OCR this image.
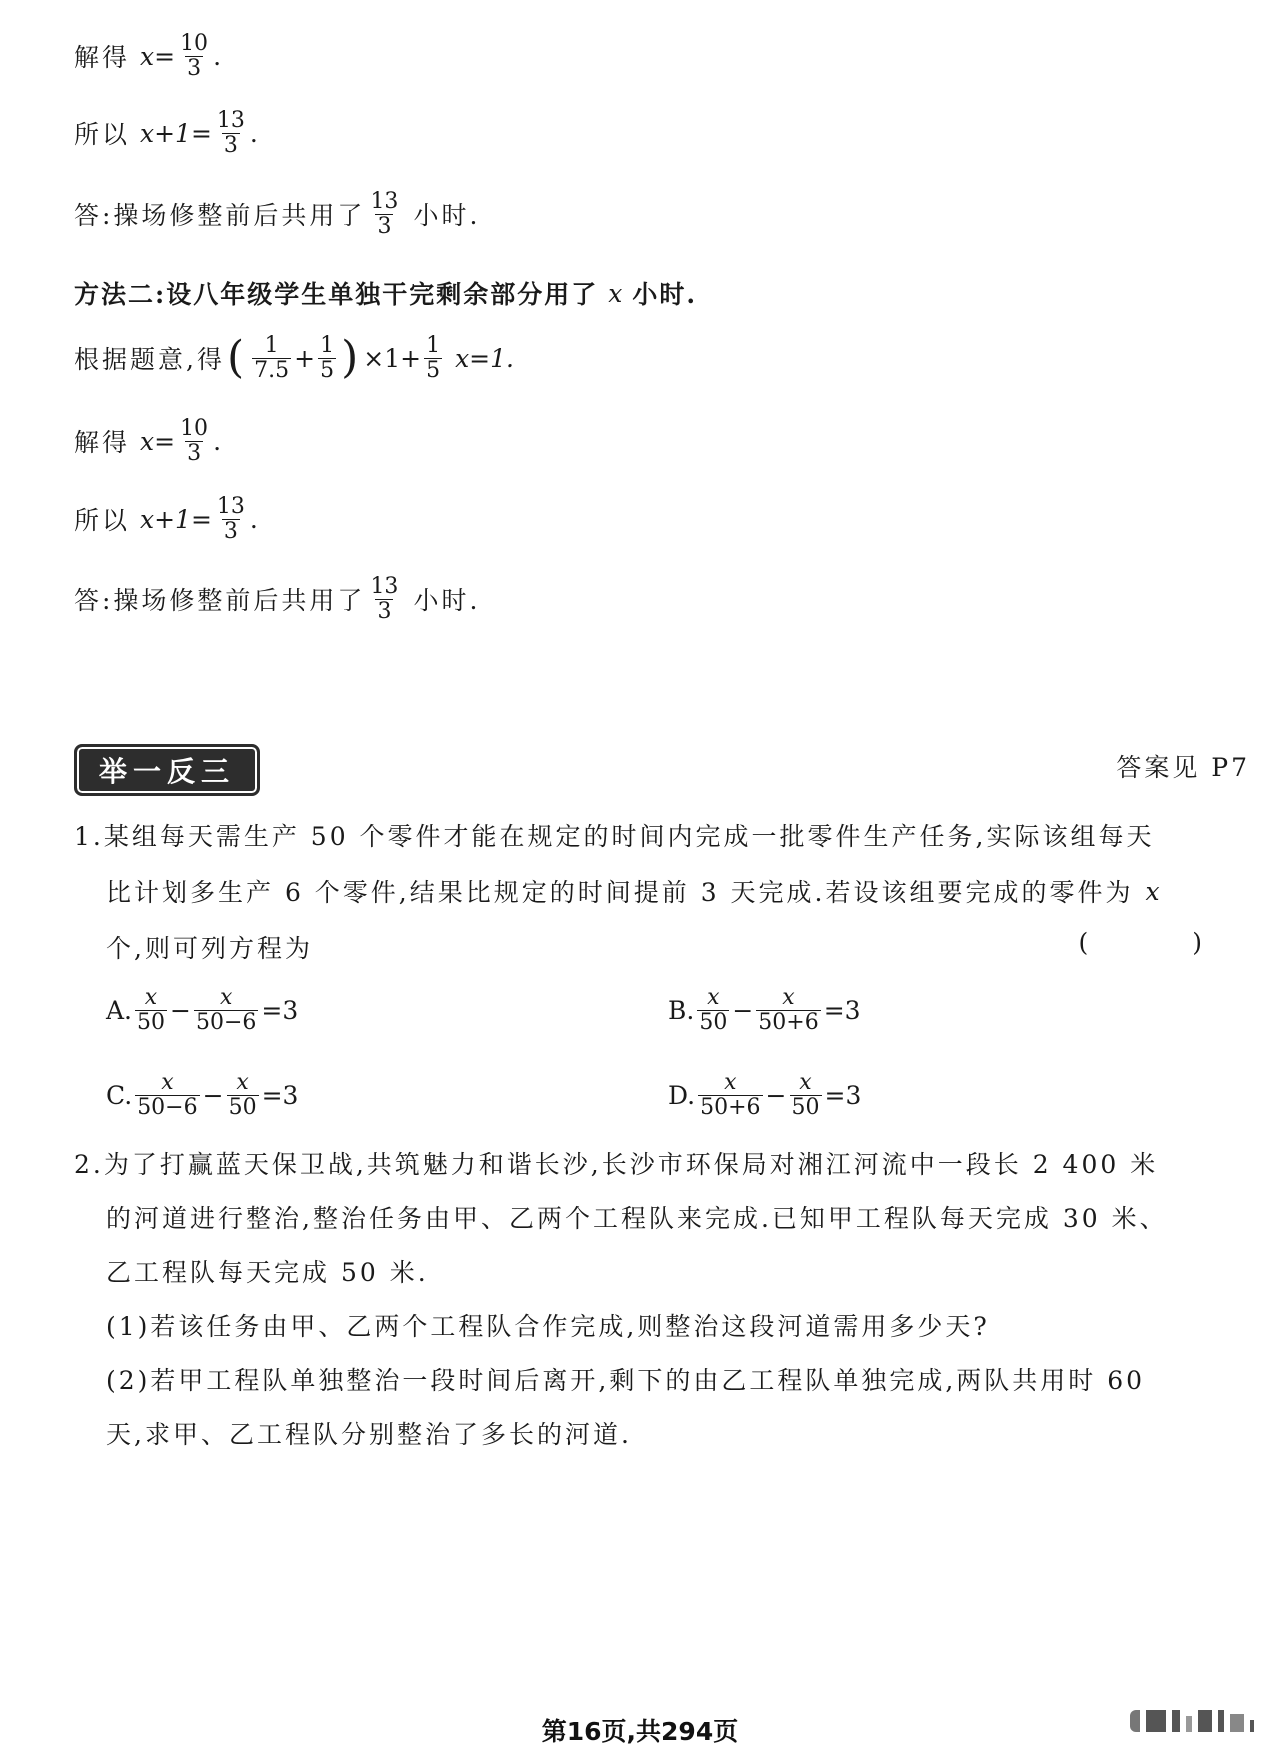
解得 $x= \frac{10}{3}$ .
所以 $x+1= \frac{13}{3}$ .
答:操场修整前后共用了 $\frac{13}{3}$ 小时.
方法二:设八年级学生单独干完剩余部分用了 x 小时.
根据题意,得 ( $\frac{1}{7.5} + \frac{1}{5}$ ) $\times 1+ \frac{1}{5} x=1$.
解得 $x= \frac{10}{3}$ .
所以 $x+1= \frac{13}{3}$ .
答:操场修整前后共用了 $\frac{13}{3}$ 小时.
举一反三	答案见 P7
1.某组每天需生产 50 个零件才能在规定的时间内完成一批零件生产任务,实际该组每天
比计划多生产 6 个零件,结果比规定的时间提前 3 天完成.若设该组要完成的零件为 x
个,则可列方程为	( )
A. $\frac{x}{50} - \frac{x}{50-6} =3$	B. $\frac{x}{50} - \frac{x}{50+6} =3$
C. $\frac{x}{50-6} - \frac{x}{50} =3$	D. $\frac{x}{50+6} - \frac{x}{50} =3$
2.为了打赢蓝天保卫战,共筑魅力和谐长沙,长沙市环保局对湘江河流中一段长 2 400 米
的河道进行整治,整治任务由甲、乙两个工程队来完成.已知甲工程队每天完成 30 米、
乙工程队每天完成 50 米.
(1)若该任务由甲、乙两个工程队合作完成,则整治这段河道需用多少天?
(2)若甲工程队单独整治一段时间后离开,剩下的由乙工程队单独完成,两队共用时 60
天,求甲、乙工程队分别整治了多长的河道.
第16页,共294页
